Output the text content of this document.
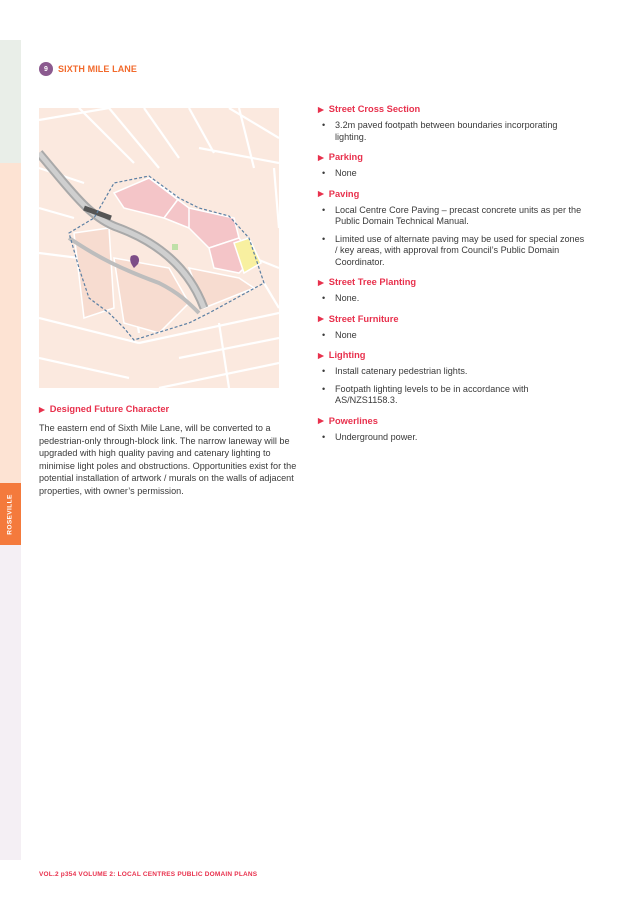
ROSEVILLE
9	SIXTH MILE LANE
▶ Designed Future Character

The eastern end of Sixth Mile Lane, will be converted to a pedestrian-only through-block link. The narrow laneway will be upgraded with high quality paving and catenary lighting to minimise light poles and obstructions. Opportunities exist for the potential installation of artwork / murals on the walls of adjacent properties, with owner’s permission.

▶ Street Cross Section
• 3.2m paved footpath between boundaries incorporating lighting.
▶ Parking
• None
▶ Paving
• Local Centre Core Paving – precast concrete units as per the Public Domain Technical Manual.
• Limited use of alternate paving may be used for special zones / key areas, with approval from Council’s Public Domain Coordinator.
▶ Street Tree Planting
• None.
▶ Street Furniture
• None
▶ Lighting
• Install catenary pedestrian lights.
• Footpath lighting levels to be in accordance with AS/NZS1158.3.
▶ Powerlines
• Underground power.
VOL.2 p354 VOLUME 2: LOCAL CENTRES PUBLIC DOMAIN PLANS
